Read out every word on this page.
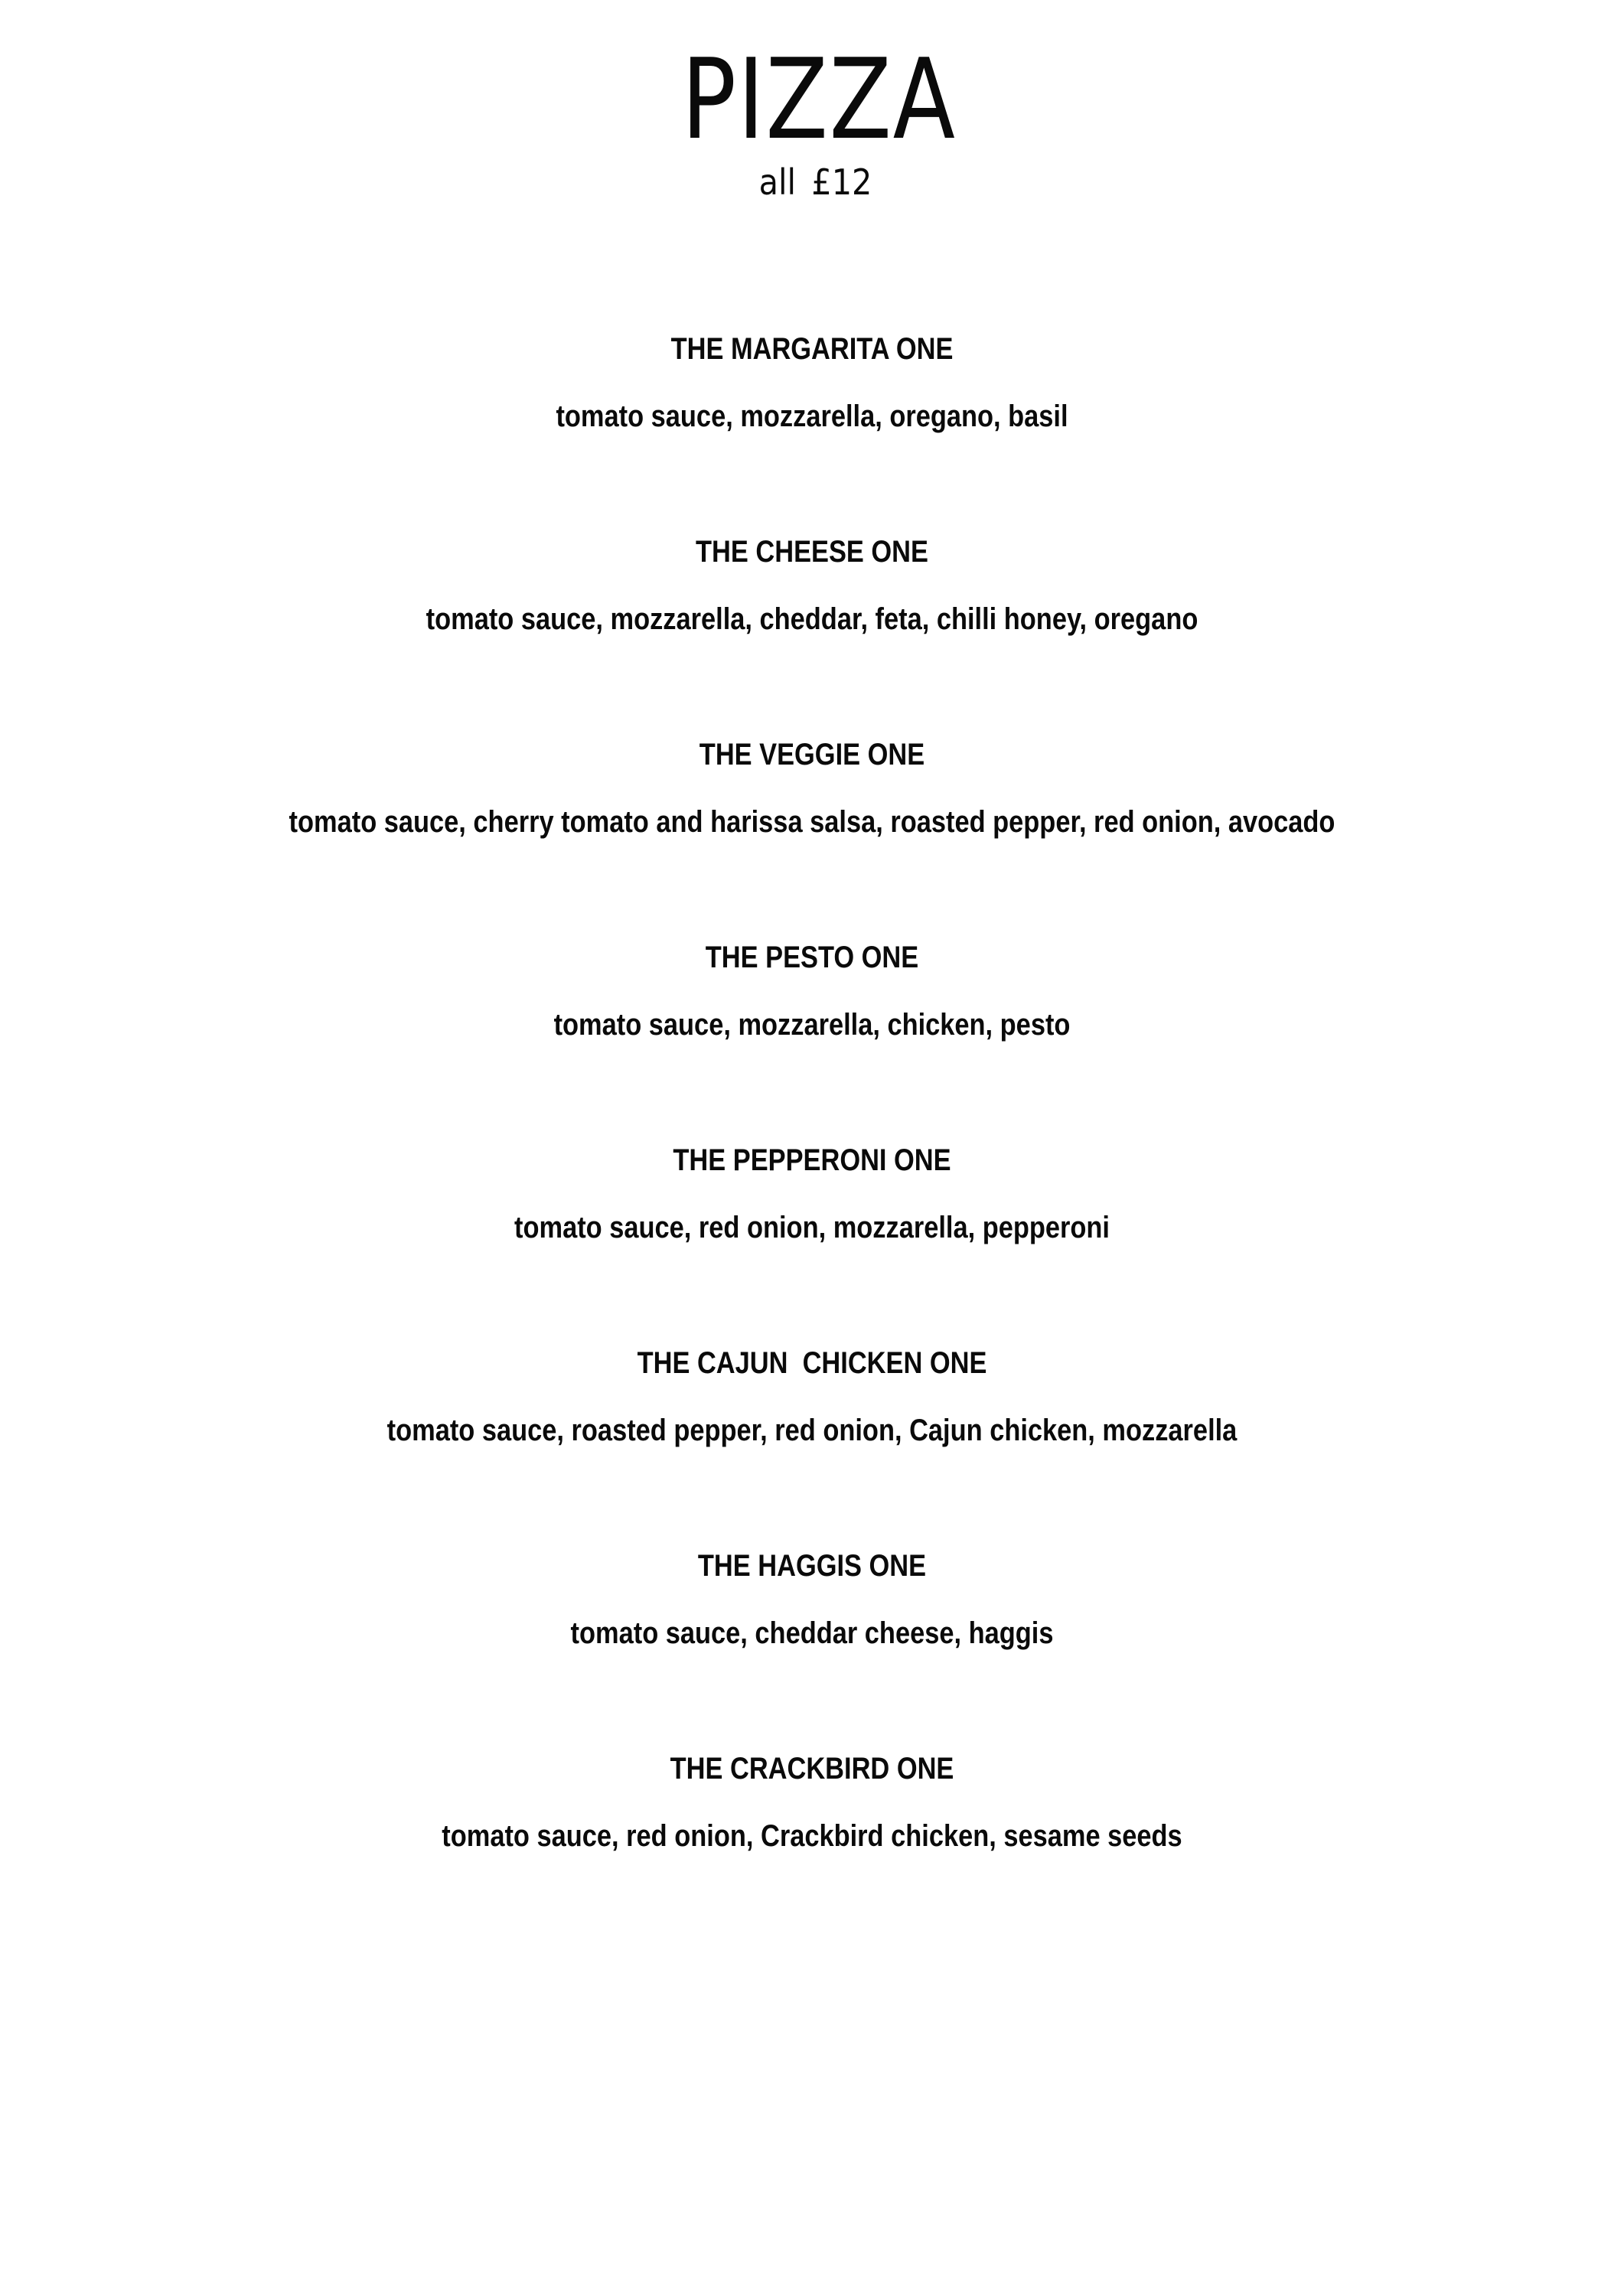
PIZZA
all £12
THE MARGARITA ONE
tomato sauce, mozzarella, oregano, basil
THE CHEESE ONE
tomato sauce, mozzarella, cheddar, feta, chilli honey, oregano
THE VEGGIE ONE
tomato sauce, cherry tomato and harissa salsa, roasted pepper, red onion, avocado
THE PESTO ONE
tomato sauce, mozzarella, chicken, pesto
THE PEPPERONI ONE
tomato sauce, red onion, mozzarella, pepperoni
THE CAJUN  CHICKEN ONE
tomato sauce, roasted pepper, red onion, Cajun chicken, mozzarella
THE HAGGIS ONE
tomato sauce, cheddar cheese, haggis
THE CRACKBIRD ONE
tomato sauce, red onion, Crackbird chicken, sesame seeds
